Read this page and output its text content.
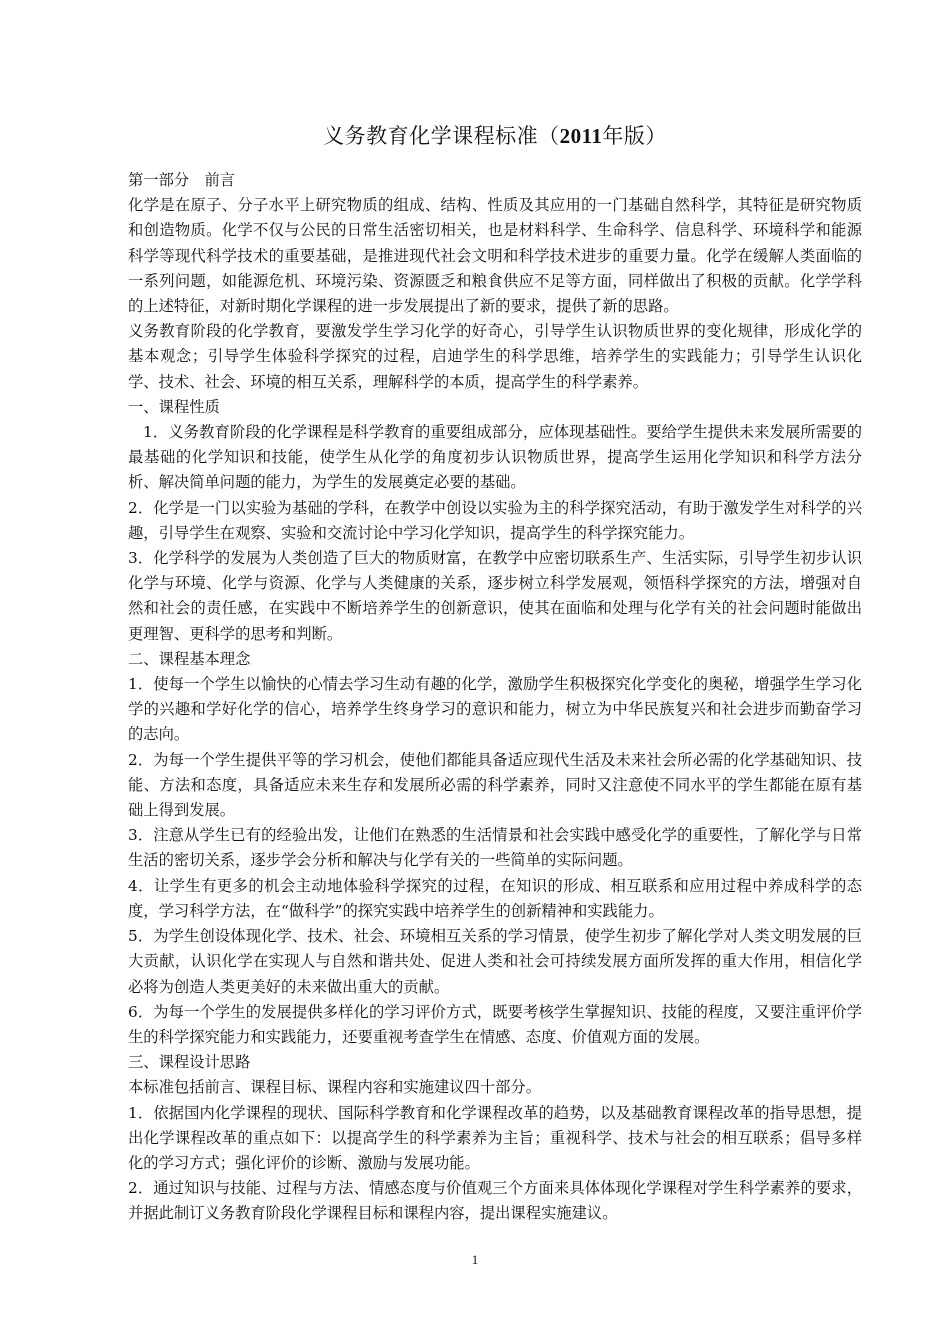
义务教育化学课程标准（2011年版）

第一部分　前言

化学是在原子、分子水平上研究物质的组成、结构、性质及其应用的一门基础自然科学，其特征是研究物质和创造物质。化学不仅与公民的日常生活密切相关，也是材料科学、生命科学、信息科学、环境科学和能源科学等现代科学技术的重要基础，是推进现代社会文明和科学技术进步的重要力量。化学在缓解人类面临的一系列问题，如能源危机、环境污染、资源匮乏和粮食供应不足等方面，同样做出了积极的贡献。化学学科的上述特征，对新时期化学课程的进一步发展提出了新的要求，提供了新的思路。

义务教育阶段的化学教育，要激发学生学习化学的好奇心，引导学生认识物质世界的变化规律，形成化学的基本观念；引导学生体验科学探究的过程，启迪学生的科学思维，培养学生的实践能力；引导学生认识化学、技术、社会、环境的相互关系，理解科学的本质，提高学生的科学素养。

一、课程性质

1．义务教育阶段的化学课程是科学教育的重要组成部分，应体现基础性。要给学生提供未来发展所需要的最基础的化学知识和技能，使学生从化学的角度初步认识物质世界，提高学生运用化学知识和科学方法分析、解决简单问题的能力，为学生的发展奠定必要的基础。

2．化学是一门以实验为基础的学科，在教学中创设以实验为主的科学探究活动，有助于激发学生对科学的兴趣，引导学生在观察、实验和交流讨论中学习化学知识，提高学生的科学探究能力。

3．化学科学的发展为人类创造了巨大的物质财富，在教学中应密切联系生产、生活实际，引导学生初步认识化学与环境、化学与资源、化学与人类健康的关系，逐步树立科学发展观，领悟科学探究的方法，增强对自然和社会的责任感，在实践中不断培养学生的创新意识，使其在面临和处理与化学有关的社会问题时能做出更理智、更科学的思考和判断。

二、课程基本理念

1．使每一个学生以愉快的心情去学习生动有趣的化学，激励学生积极探究化学变化的奥秘，增强学生学习化学的兴趣和学好化学的信心，培养学生终身学习的意识和能力，树立为中华民族复兴和社会进步而勤奋学习的志向。

2．为每一个学生提供平等的学习机会，使他们都能具备适应现代生活及未来社会所必需的化学基础知识、技能、方法和态度，具备适应未来生存和发展所必需的科学素养，同时又注意使不同水平的学生都能在原有基础上得到发展。

3．注意从学生已有的经验出发，让他们在熟悉的生活情景和社会实践中感受化学的重要性，了解化学与日常生活的密切关系，逐步学会分析和解决与化学有关的一些简单的实际问题。

4．让学生有更多的机会主动地体验科学探究的过程，在知识的形成、相互联系和应用过程中养成科学的态度，学习科学方法，在“做科学”的探究实践中培养学生的创新精神和实践能力。

5．为学生创设体现化学、技术、社会、环境相互关系的学习情景，使学生初步了解化学对人类文明发展的巨大贡献，认识化学在实现人与自然和谐共处、促进人类和社会可持续发展方面所发挥的重大作用，相信化学必将为创造人类更美好的未来做出重大的贡献。

6．为每一个学生的发展提供多样化的学习评价方式，既要考核学生掌握知识、技能的程度，又要注重评价学生的科学探究能力和实践能力，还要重视考查学生在情感、态度、价值观方面的发展。

三、课程设计思路

本标准包括前言、课程目标、课程内容和实施建议四十部分。

1．依据国内化学课程的现状、国际科学教育和化学课程改革的趋势，以及基础教育课程改革的指导思想，提出化学课程改革的重点如下：以提高学生的科学素养为主旨；重视科学、技术与社会的相互联系；倡导多样化的学习方式；强化评价的诊断、激励与发展功能。

2．通过知识与技能、过程与方法、情感态度与价值观三个方面来具体体现化学课程对学生科学素养的要求，并据此制订义务教育阶段化学课程目标和课程内容，提出课程实施建议。

1
